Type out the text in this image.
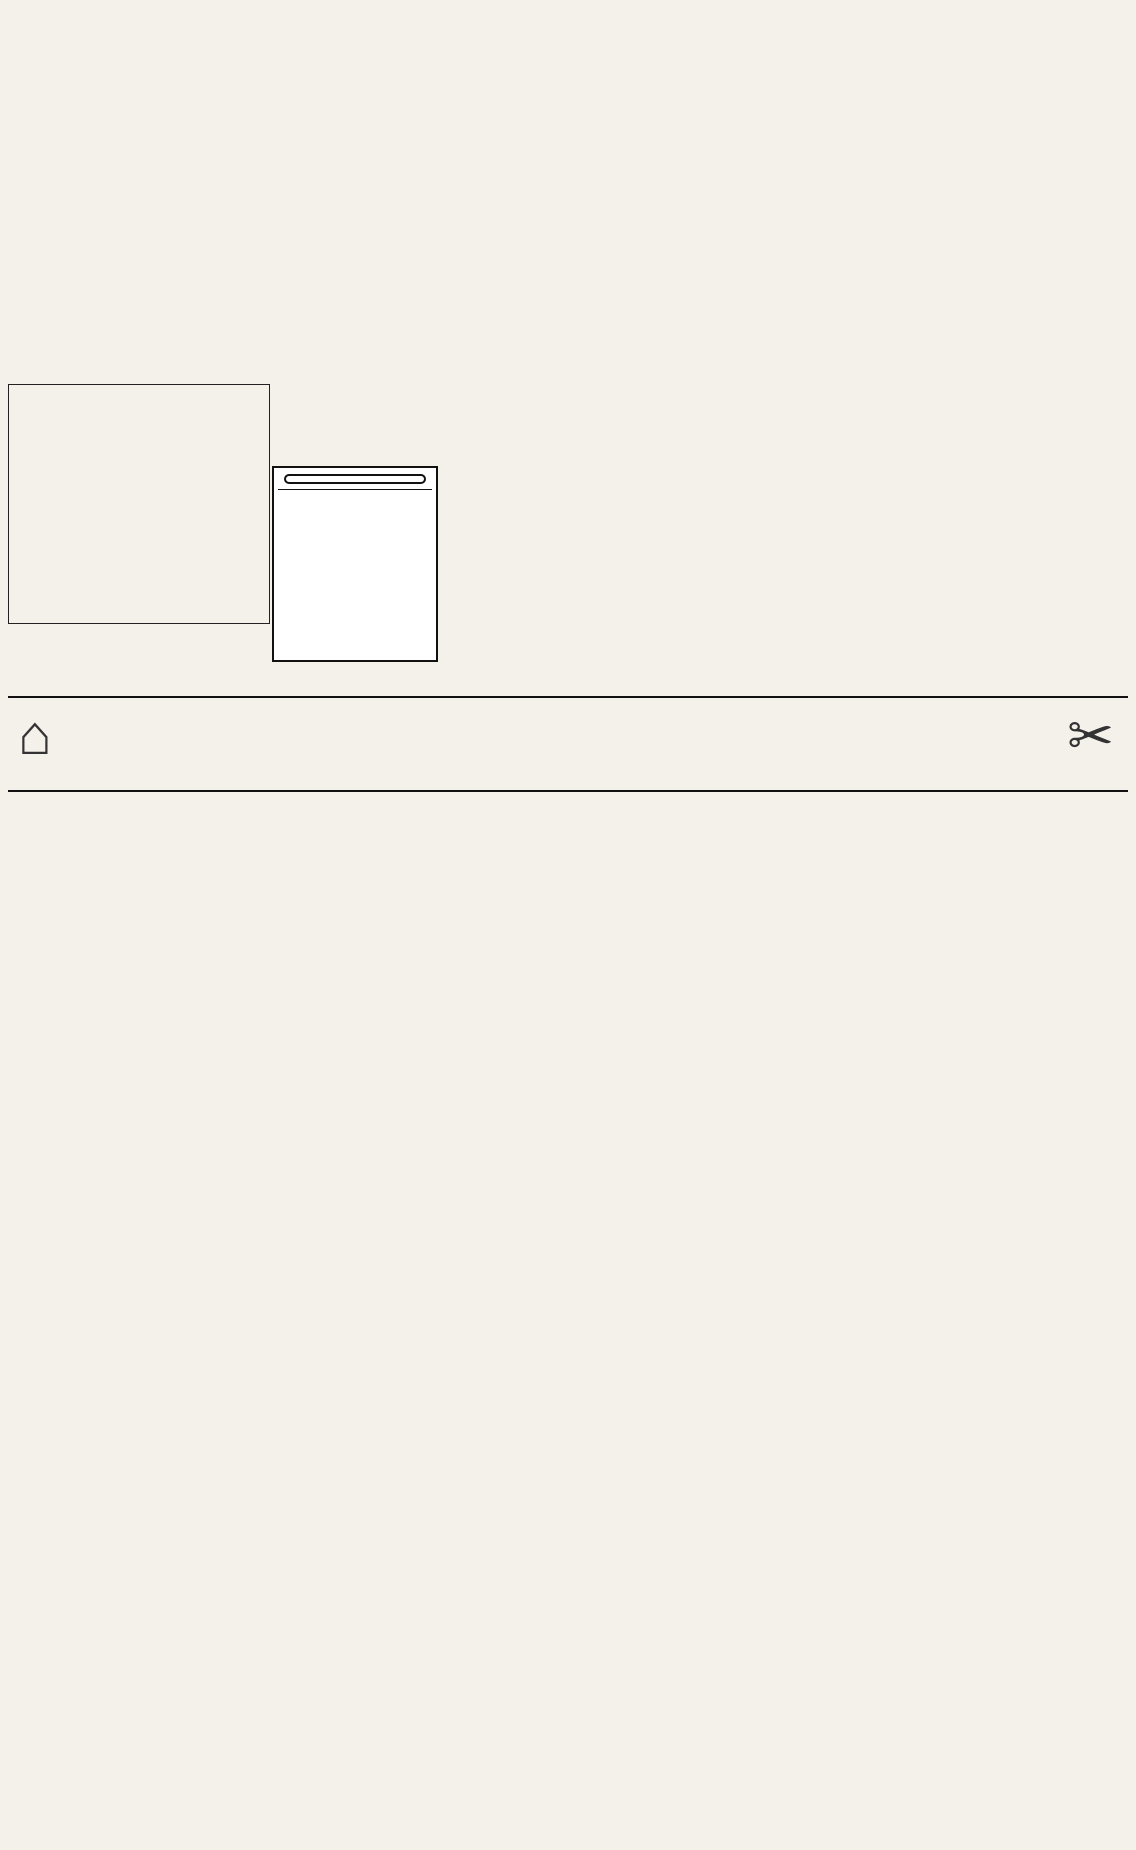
⌂	✂
